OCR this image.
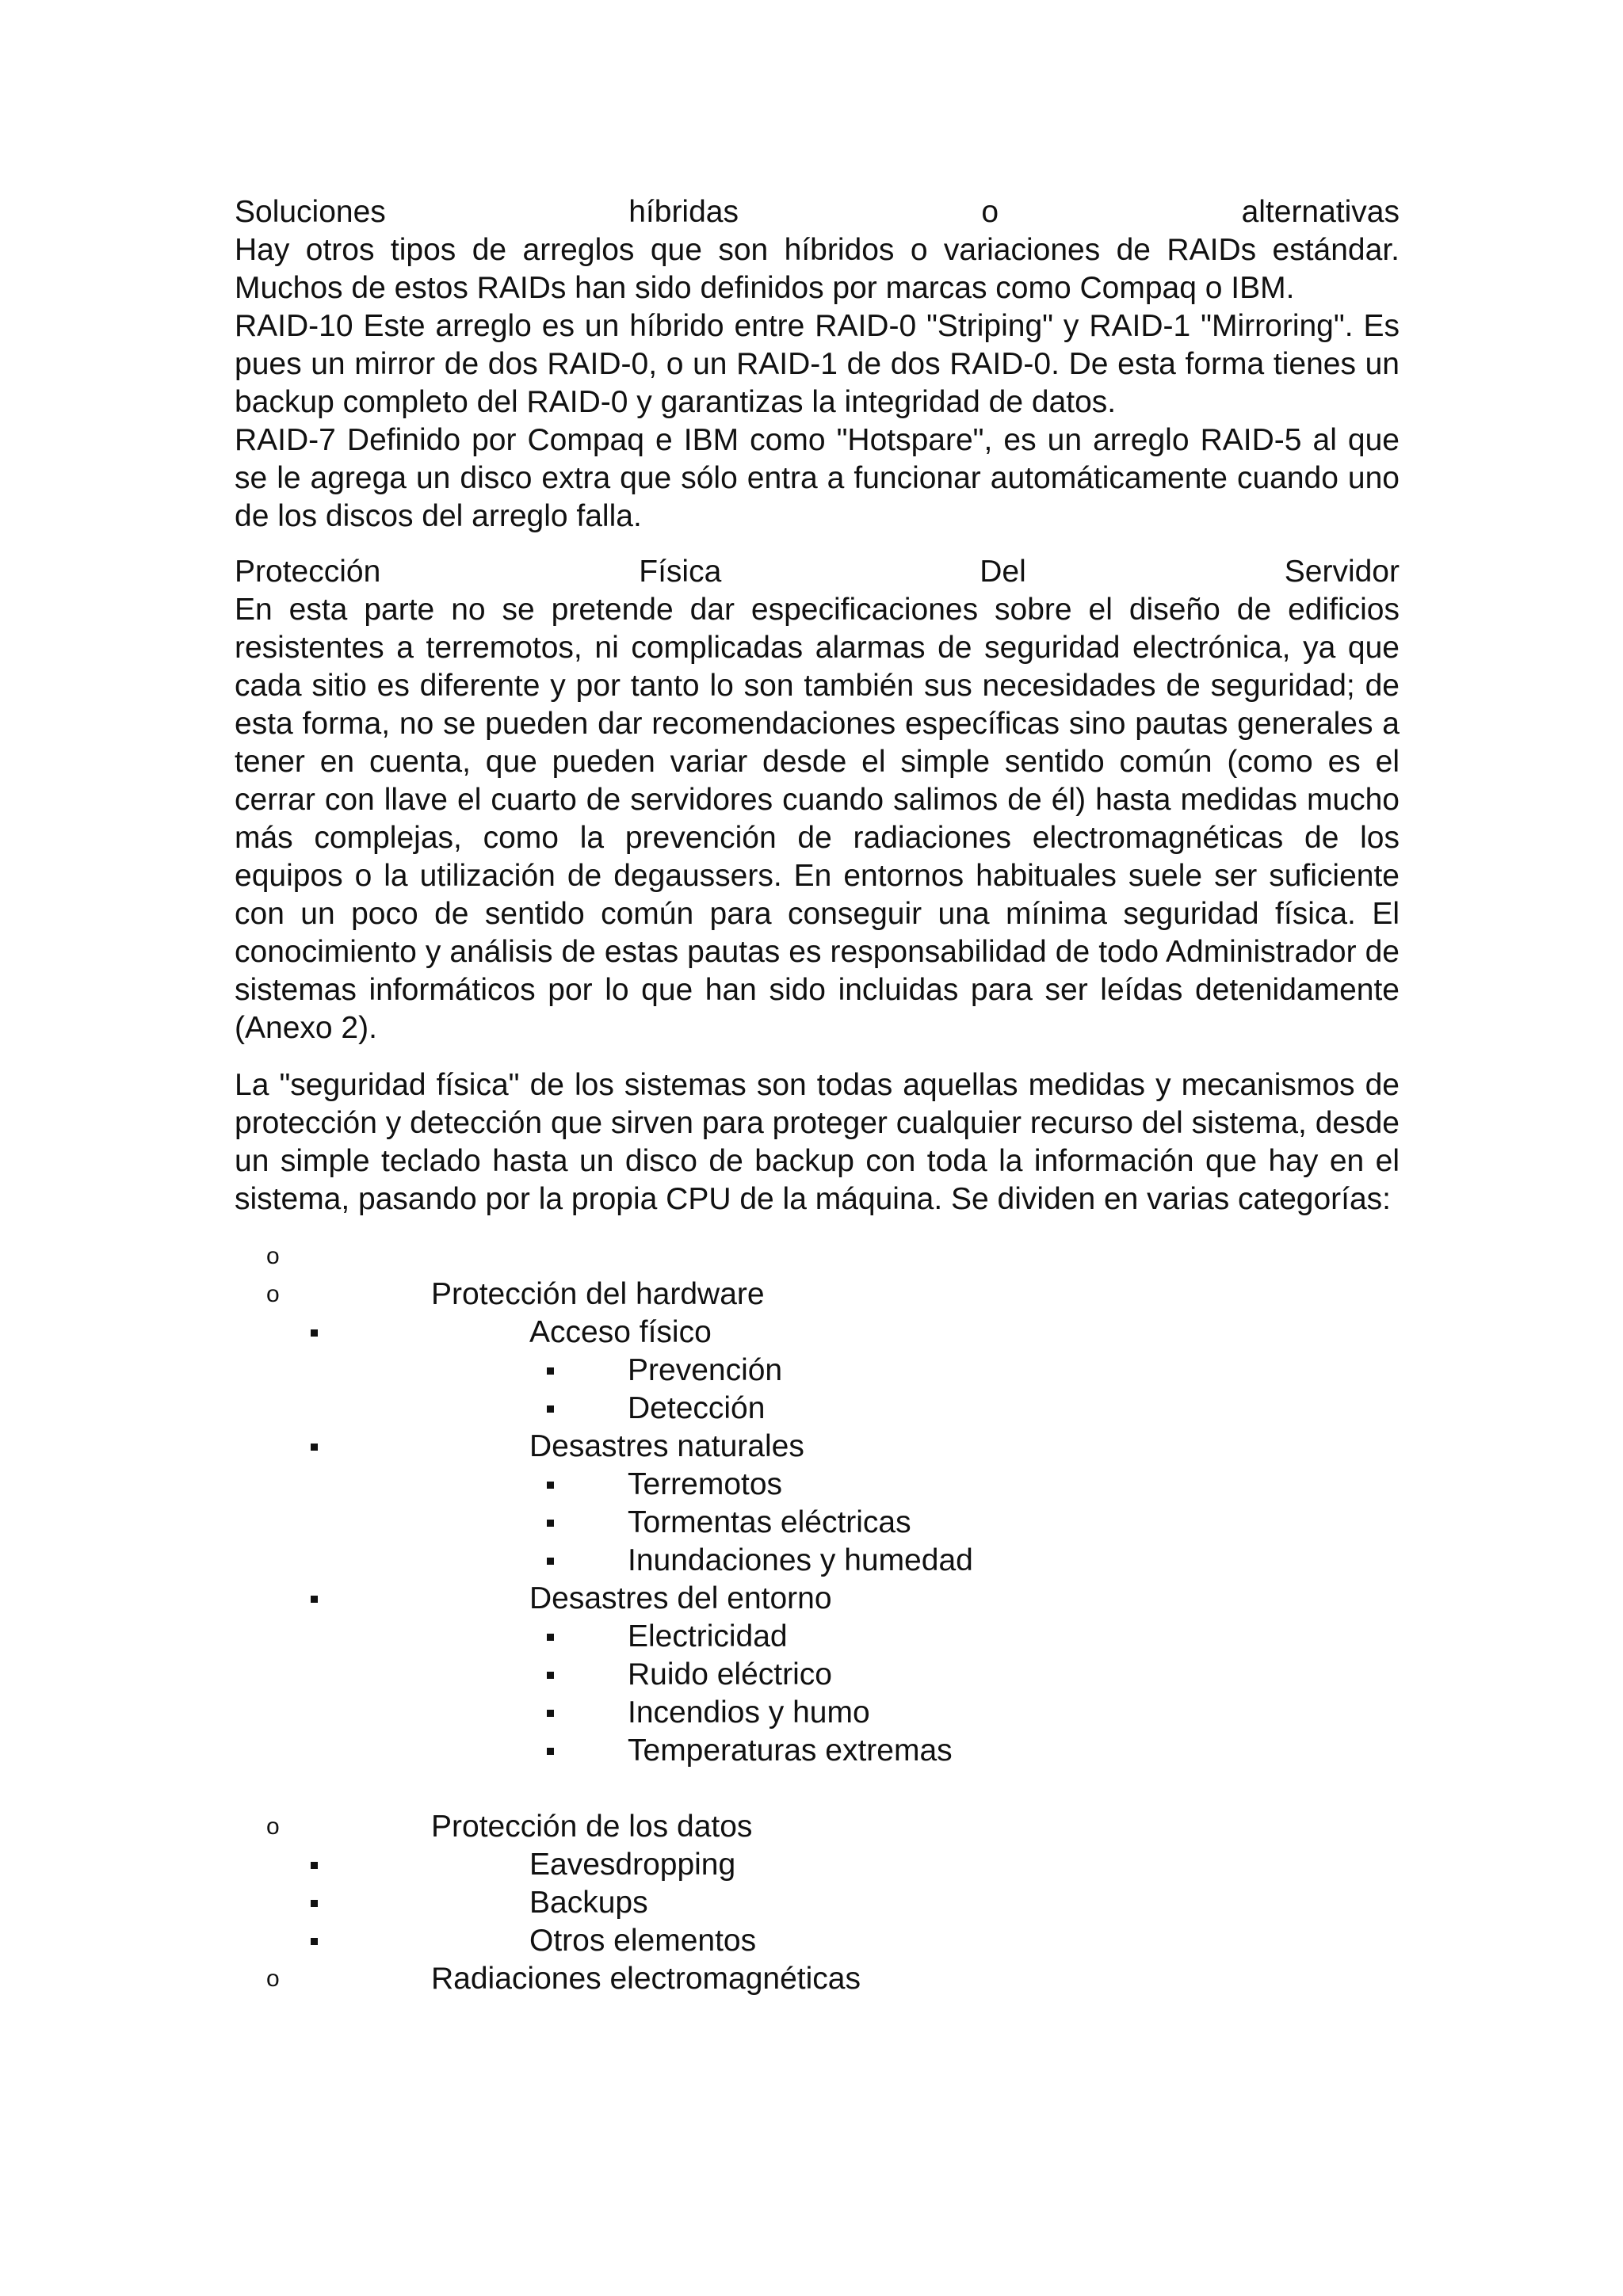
Soluciones	híbridas	o	alternativas

Hay otros tipos de arreglos que son híbridos o variaciones de RAIDs estándar. Muchos de estos RAIDs han sido definidos por marcas como Compaq o IBM.

RAID-10 Este arreglo es un híbrido entre RAID-0 "Striping" y RAID-1 "Mirroring". Es pues un mirror de dos RAID-0, o un RAID-1 de dos RAID-0. De esta forma tienes un backup completo del RAID-0 y garantizas la integridad de datos.

RAID-7 Definido por Compaq e IBM como "Hotspare", es un arreglo RAID-5 al que se le agrega un disco extra que sólo entra a funcionar automáticamente cuando uno de los discos del arreglo falla.

Protección	Física	Del	Servidor

En esta parte no se pretende dar especificaciones sobre el diseño de edificios resistentes a terremotos, ni complicadas alarmas de seguridad electrónica, ya que cada sitio es diferente y por tanto lo son también sus necesidades de seguridad; de esta forma, no se pueden dar recomendaciones específicas sino pautas generales a tener en cuenta, que pueden variar desde el simple sentido común (como es el cerrar con llave el cuarto de servidores cuando salimos de él) hasta medidas mucho más complejas, como la prevención de radiaciones electromagnéticas de los equipos o la utilización de degaussers. En entornos habituales suele ser suficiente con un poco de sentido común para conseguir una mínima seguridad física. El conocimiento y análisis de estas pautas es responsabilidad de todo Administrador de sistemas informáticos por lo que han sido incluidas para ser leídas detenidamente (Anexo 2).

La "seguridad física" de los sistemas son todas aquellas medidas y mecanismos de protección y detección que sirven para proteger cualquier recurso del sistema, desde un simple teclado hasta un disco de backup con toda la información que hay en el sistema, pasando por la propia CPU de la máquina. Se dividen en varias categorías:

o
o	Protección del hardware
Acceso físico
Prevención
Detección
Desastres naturales
Terremotos
Tormentas eléctricas
Inundaciones y humedad
Desastres del entorno
Electricidad
Ruido eléctrico
Incendios y humo
Temperaturas extremas
o	Protección de los datos
Eavesdropping
Backups
Otros elementos
o	Radiaciones electromagnéticas
